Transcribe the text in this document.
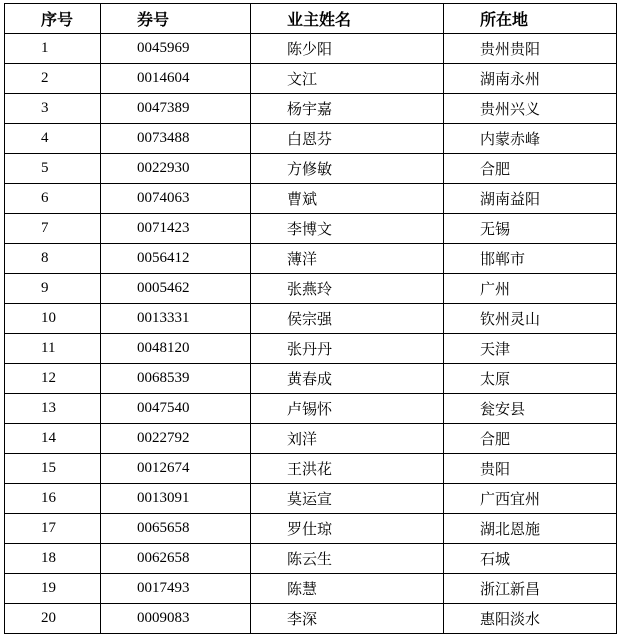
序号	券号	业主姓名	所在地
1	0045969	陈少阳	贵州贵阳
2	0014604	文江	湖南永州
3	0047389	杨宇嘉	贵州兴义
4	0073488	白恩芬	内蒙赤峰
5	0022930	方修敏	合肥
6	0074063	曹斌	湖南益阳
7	0071423	李博文	无锡
8	0056412	薄洋	邯郸市
9	0005462	张燕玲	广州
10	0013331	侯宗强	钦州灵山
11	0048120	张丹丹	天津
12	0068539	黄春成	太原
13	0047540	卢锡怀	瓮安县
14	0022792	刘洋	合肥
15	0012674	王洪花	贵阳
16	0013091	莫运宣	广西宜州
17	0065658	罗仕琼	湖北恩施
18	0062658	陈云生	石城
19	0017493	陈慧	浙江新昌
20	0009083	李深	惠阳淡水
